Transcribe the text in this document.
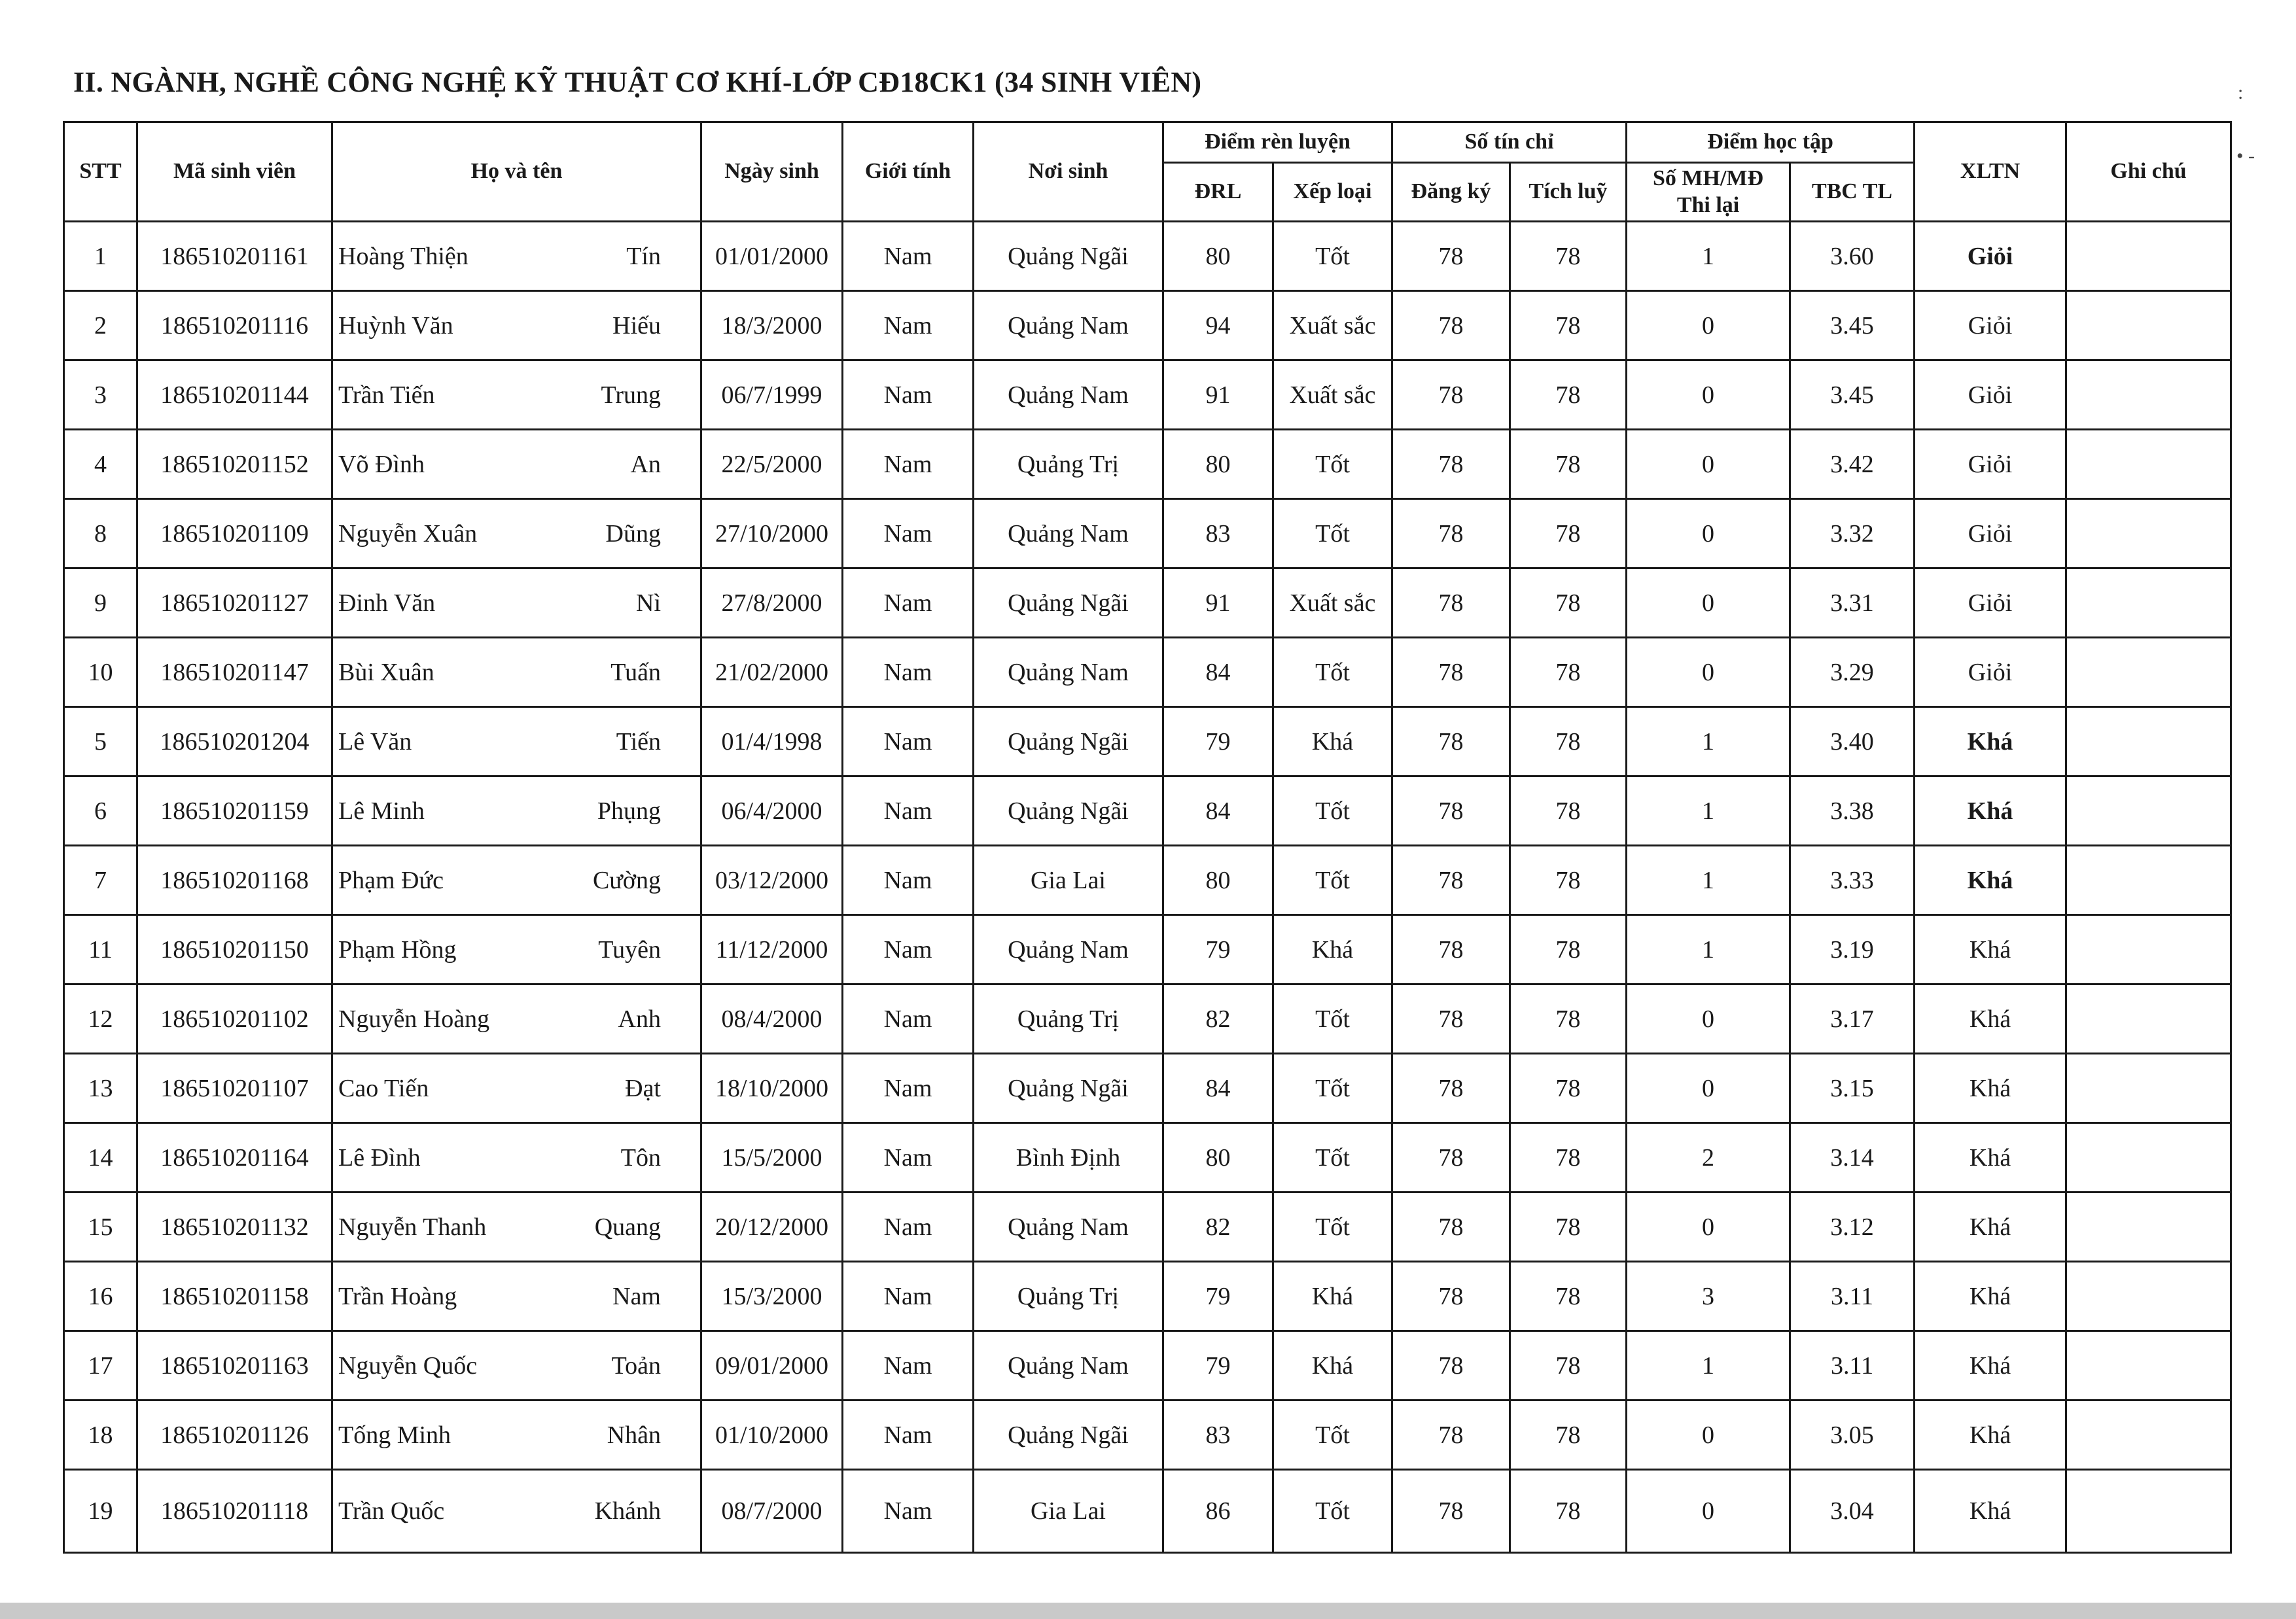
:
• -
II. NGÀNH, NGHỀ CÔNG NGHỆ KỸ THUẬT CƠ KHÍ-LỚP CĐ18CK1 (34 SINH VIÊN)
STT	Mã sinh viên	Họ và tên	Ngày sinh	Giới tính	Nơi sinh	Điểm rèn luyện		Số tín chỉ		Điểm học tập		XLTN	Ghi chú
						ĐRL	Xếp loại	Đăng ký	Tích luỹ	Số MH/MĐ Thi lại	TBC TL		
1	186510201161	Hoàng Thiện Tín	01/01/2000	Nam	Quảng Ngãi	80	Tốt	78	78	1	3.60	Giỏi	
2	186510201116	Huỳnh Văn Hiếu	18/3/2000	Nam	Quảng Nam	94	Xuất sắc	78	78	0	3.45	Giỏi	
3	186510201144	Trần Tiến Trung	06/7/1999	Nam	Quảng Nam	91	Xuất sắc	78	78	0	3.45	Giỏi	
4	186510201152	Võ Đình An	22/5/2000	Nam	Quảng Trị	80	Tốt	78	78	0	3.42	Giỏi	
8	186510201109	Nguyễn Xuân Dũng	27/10/2000	Nam	Quảng Nam	83	Tốt	78	78	0	3.32	Giỏi	
9	186510201127	Đinh Văn Nì	27/8/2000	Nam	Quảng Ngãi	91	Xuất sắc	78	78	0	3.31	Giỏi	
10	186510201147	Bùi Xuân Tuấn	21/02/2000	Nam	Quảng Nam	84	Tốt	78	78	0	3.29	Giỏi	
5	186510201204	Lê Văn Tiến	01/4/1998	Nam	Quảng Ngãi	79	Khá	78	78	1	3.40	Khá	
6	186510201159	Lê Minh Phụng	06/4/2000	Nam	Quảng Ngãi	84	Tốt	78	78	1	3.38	Khá	
7	186510201168	Phạm Đức Cường	03/12/2000	Nam	Gia Lai	80	Tốt	78	78	1	3.33	Khá	
11	186510201150	Phạm Hồng Tuyên	11/12/2000	Nam	Quảng Nam	79	Khá	78	78	1	3.19	Khá	
12	186510201102	Nguyễn Hoàng Anh	08/4/2000	Nam	Quảng Trị	82	Tốt	78	78	0	3.17	Khá	
13	186510201107	Cao Tiến Đạt	18/10/2000	Nam	Quảng Ngãi	84	Tốt	78	78	0	3.15	Khá	
14	186510201164	Lê Đình Tôn	15/5/2000	Nam	Bình Định	80	Tốt	78	78	2	3.14	Khá	
15	186510201132	Nguyễn Thanh Quang	20/12/2000	Nam	Quảng Nam	82	Tốt	78	78	0	3.12	Khá	
16	186510201158	Trần Hoàng Nam	15/3/2000	Nam	Quảng Trị	79	Khá	78	78	3	3.11	Khá	
17	186510201163	Nguyễn Quốc Toản	09/01/2000	Nam	Quảng Nam	79	Khá	78	78	1	3.11	Khá	
18	186510201126	Tống Minh Nhân	01/10/2000	Nam	Quảng Ngãi	83	Tốt	78	78	0	3.05	Khá	
19	186510201118	Trần Quốc Khánh	08/7/2000	Nam	Gia Lai	86	Tốt	78	78	0	3.04	Khá	
